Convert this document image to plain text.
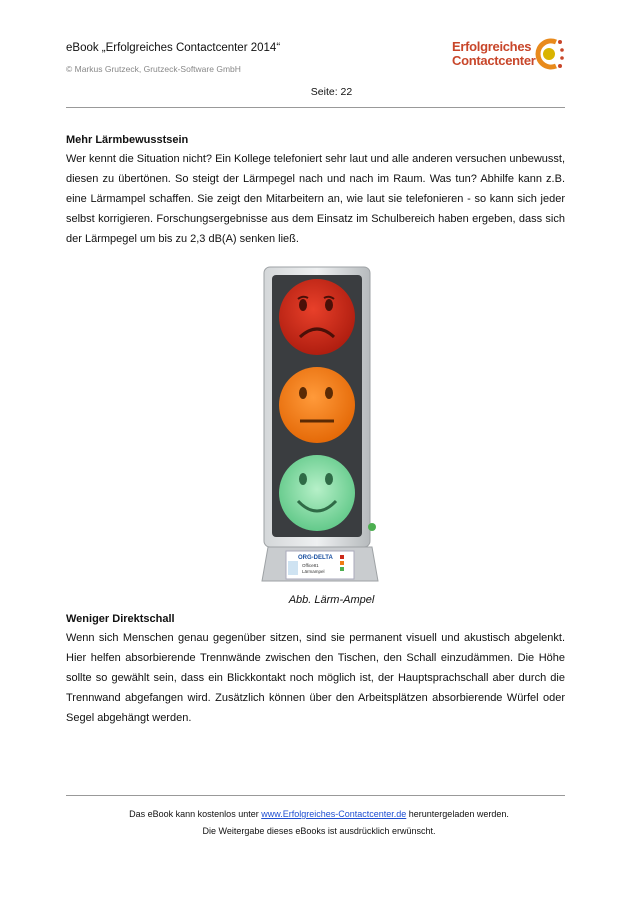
eBook „Erfolgreiches Contactcenter 2014“
© Markus Grutzeck, Grutzeck-Software GmbH
Erfolgreiches
Contactcenter
Seite: 22
Mehr Lärmbewusstsein
Wer kennt die Situation nicht? Ein Kollege telefoniert sehr laut und alle anderen versuchen unbewusst, diesen zu übertönen. So steigt der Lärmpegel nach und nach im Raum. Was tun? Abhilfe kann z.B. eine Lärmampel schaffen. Sie zeigt den Mitarbeitern an, wie laut sie telefonieren - so kann sich jeder selbst korrigieren. Forschungsergebnisse aus dem Einsatz im Schulbereich haben ergeben, dass sich der Lärmpegel um bis zu 2,3 dB(A) senken ließ.
ORG-DELTA
Office81
Lärmampel
Abb. Lärm-Ampel
Weniger Direktschall
Wenn sich Menschen genau gegenüber sitzen, sind sie permanent visuell und akustisch abgelenkt. Hier helfen absorbierende Trennwände zwischen den Tischen, den Schall einzudämmen. Die Höhe sollte so gewählt sein, dass ein Blickkontakt noch möglich ist, der Hauptsprachschall aber durch die Trennwand abgefangen wird. Zusätzlich können über den Arbeitsplätzen absorbierende Würfel oder Segel abgehängt werden.
Das eBook kann kostenlos unter www.Erfolgreiches-Contactcenter.de heruntergeladen werden.
Die Weitergabe dieses eBooks ist ausdrücklich erwünscht.
